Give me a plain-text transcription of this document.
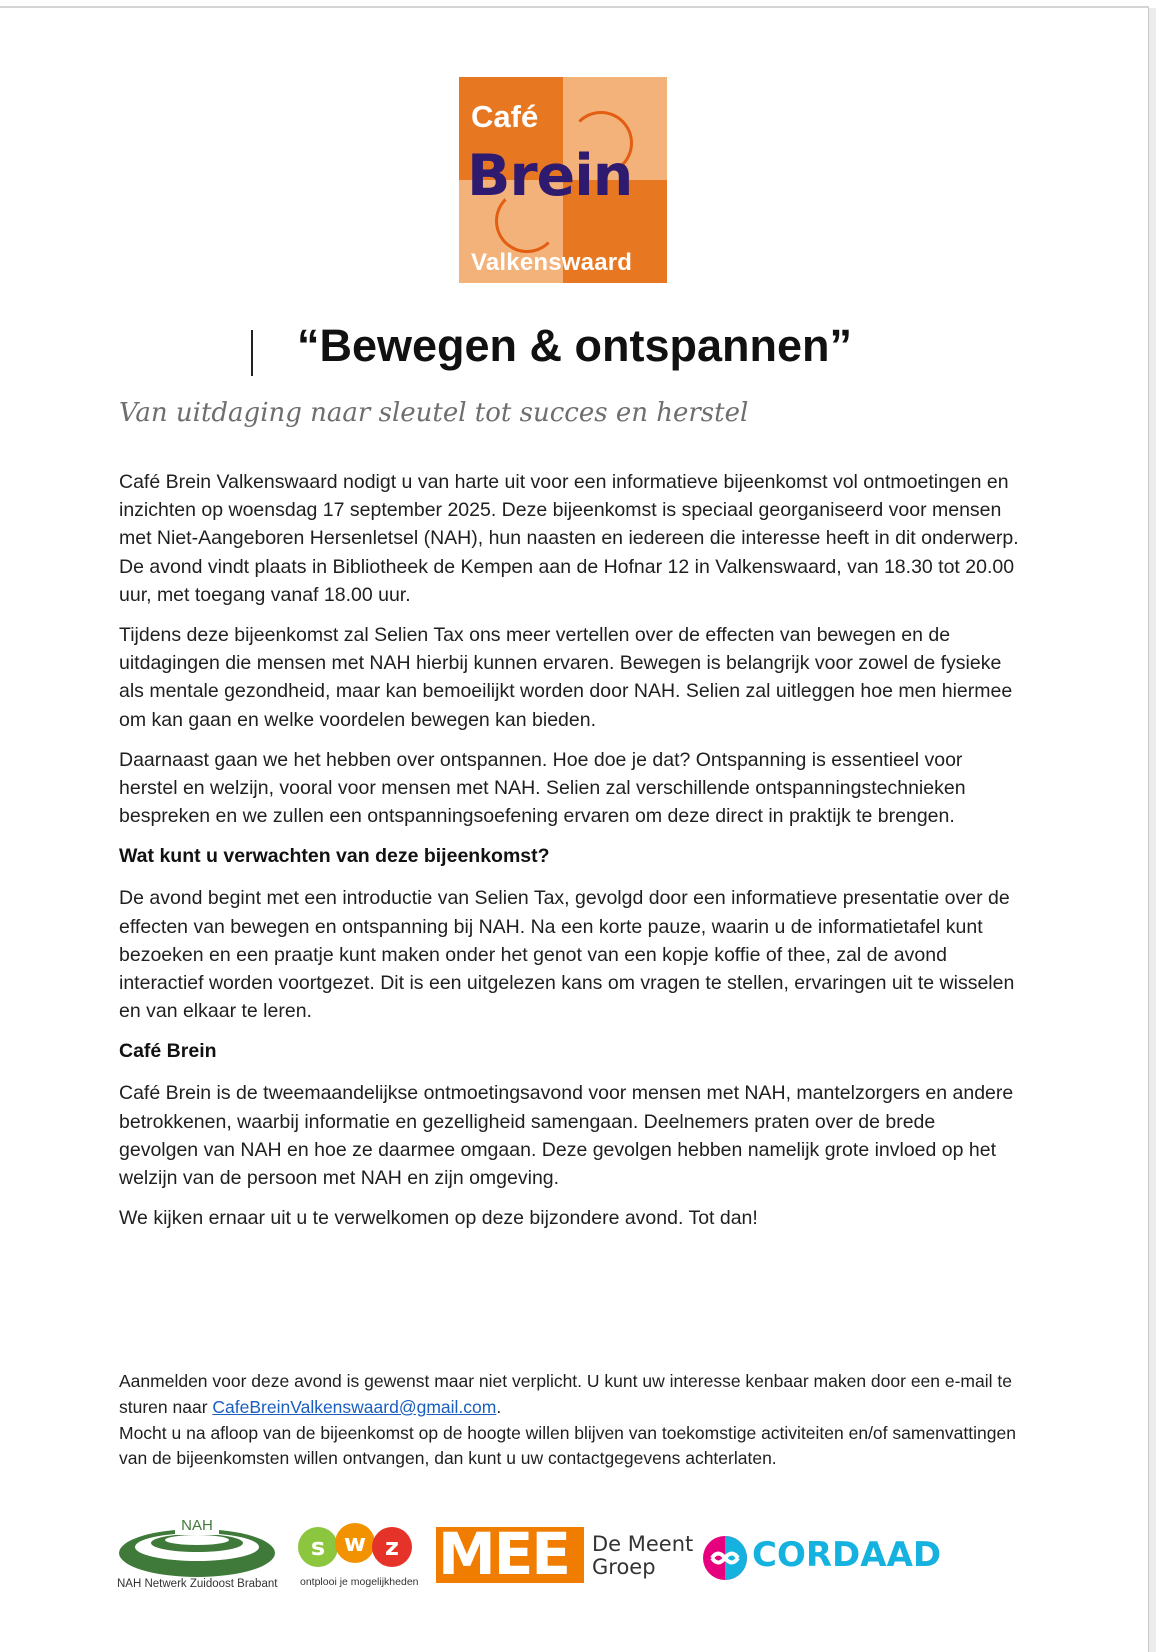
Café
Brein
Valkenswaard
“Bewegen & ontspannen”
Van uitdaging naar sleutel tot succes en herstel

Café Brein Valkenswaard nodigt u van harte uit voor een informatieve bijeenkomst vol ontmoetingen en inzichten op woensdag 17 september 2025. Deze bijeenkomst is speciaal georganiseerd voor mensen met Niet-Aangeboren Hersenletsel (NAH), hun naasten en iedereen die interesse heeft in dit onderwerp. De avond vindt plaats in Bibliotheek de Kempen aan de Hofnar 12 in Valkenswaard, van 18.30 tot 20.00 uur, met toegang vanaf 18.00 uur.

Tijdens deze bijeenkomst zal Selien Tax ons meer vertellen over de effecten van bewegen en de uitdagingen die mensen met NAH hierbij kunnen ervaren. Bewegen is belangrijk voor zowel de fysieke als mentale gezondheid, maar kan bemoeilijkt worden door NAH. Selien zal uitleggen hoe men hiermee om kan gaan en welke voordelen bewegen kan bieden.

Daarnaast gaan we het hebben over ontspannen. Hoe doe je dat? Ontspanning is essentieel voor herstel en welzijn, vooral voor mensen met NAH. Selien zal verschillende ontspanningstechnieken bespreken en we zullen een ontspanningsoefening ervaren om deze direct in praktijk te brengen.

Wat kunt u verwachten van deze bijeenkomst?

De avond begint met een introductie van Selien Tax, gevolgd door een informatieve presentatie over de effecten van bewegen en ontspanning bij NAH. Na een korte pauze, waarin u de informatietafel kunt bezoeken en een praatje kunt maken onder het genot van een kopje koffie of thee, zal de avond interactief worden voortgezet. Dit is een uitgelezen kans om vragen te stellen, ervaringen uit te wisselen en van elkaar te leren.

Café Brein

Café Brein is de tweemaandelijkse ontmoetingsavond voor mensen met NAH, mantelzorgers en andere betrokkenen, waarbij informatie en gezelligheid samengaan. Deelnemers praten over de brede gevolgen van NAH en hoe ze daarmee omgaan. Deze gevolgen hebben namelijk grote invloed op het welzijn van de persoon met NAH en zijn omgeving.

We kijken ernaar uit u te verwelkomen op deze bijzondere avond. Tot dan!

Aanmelden voor deze avond is gewenst maar niet verplicht. U kunt uw interesse kenbaar maken door een e-mail te sturen naar CafeBreinValkenswaard@gmail.com.

Mocht u na afloop van de bijeenkomst op de hoogte willen blijven van toekomstige activiteiten en/of samenvattingen van de bijeenkomsten willen ontvangen, dan kunt u uw contactgegevens achterlaten.

NAH
NAH Netwerk Zuidoost Brabant
s w z
ontplooi je mogelijkheden MEE De Meent
Groep	CORDAAD
